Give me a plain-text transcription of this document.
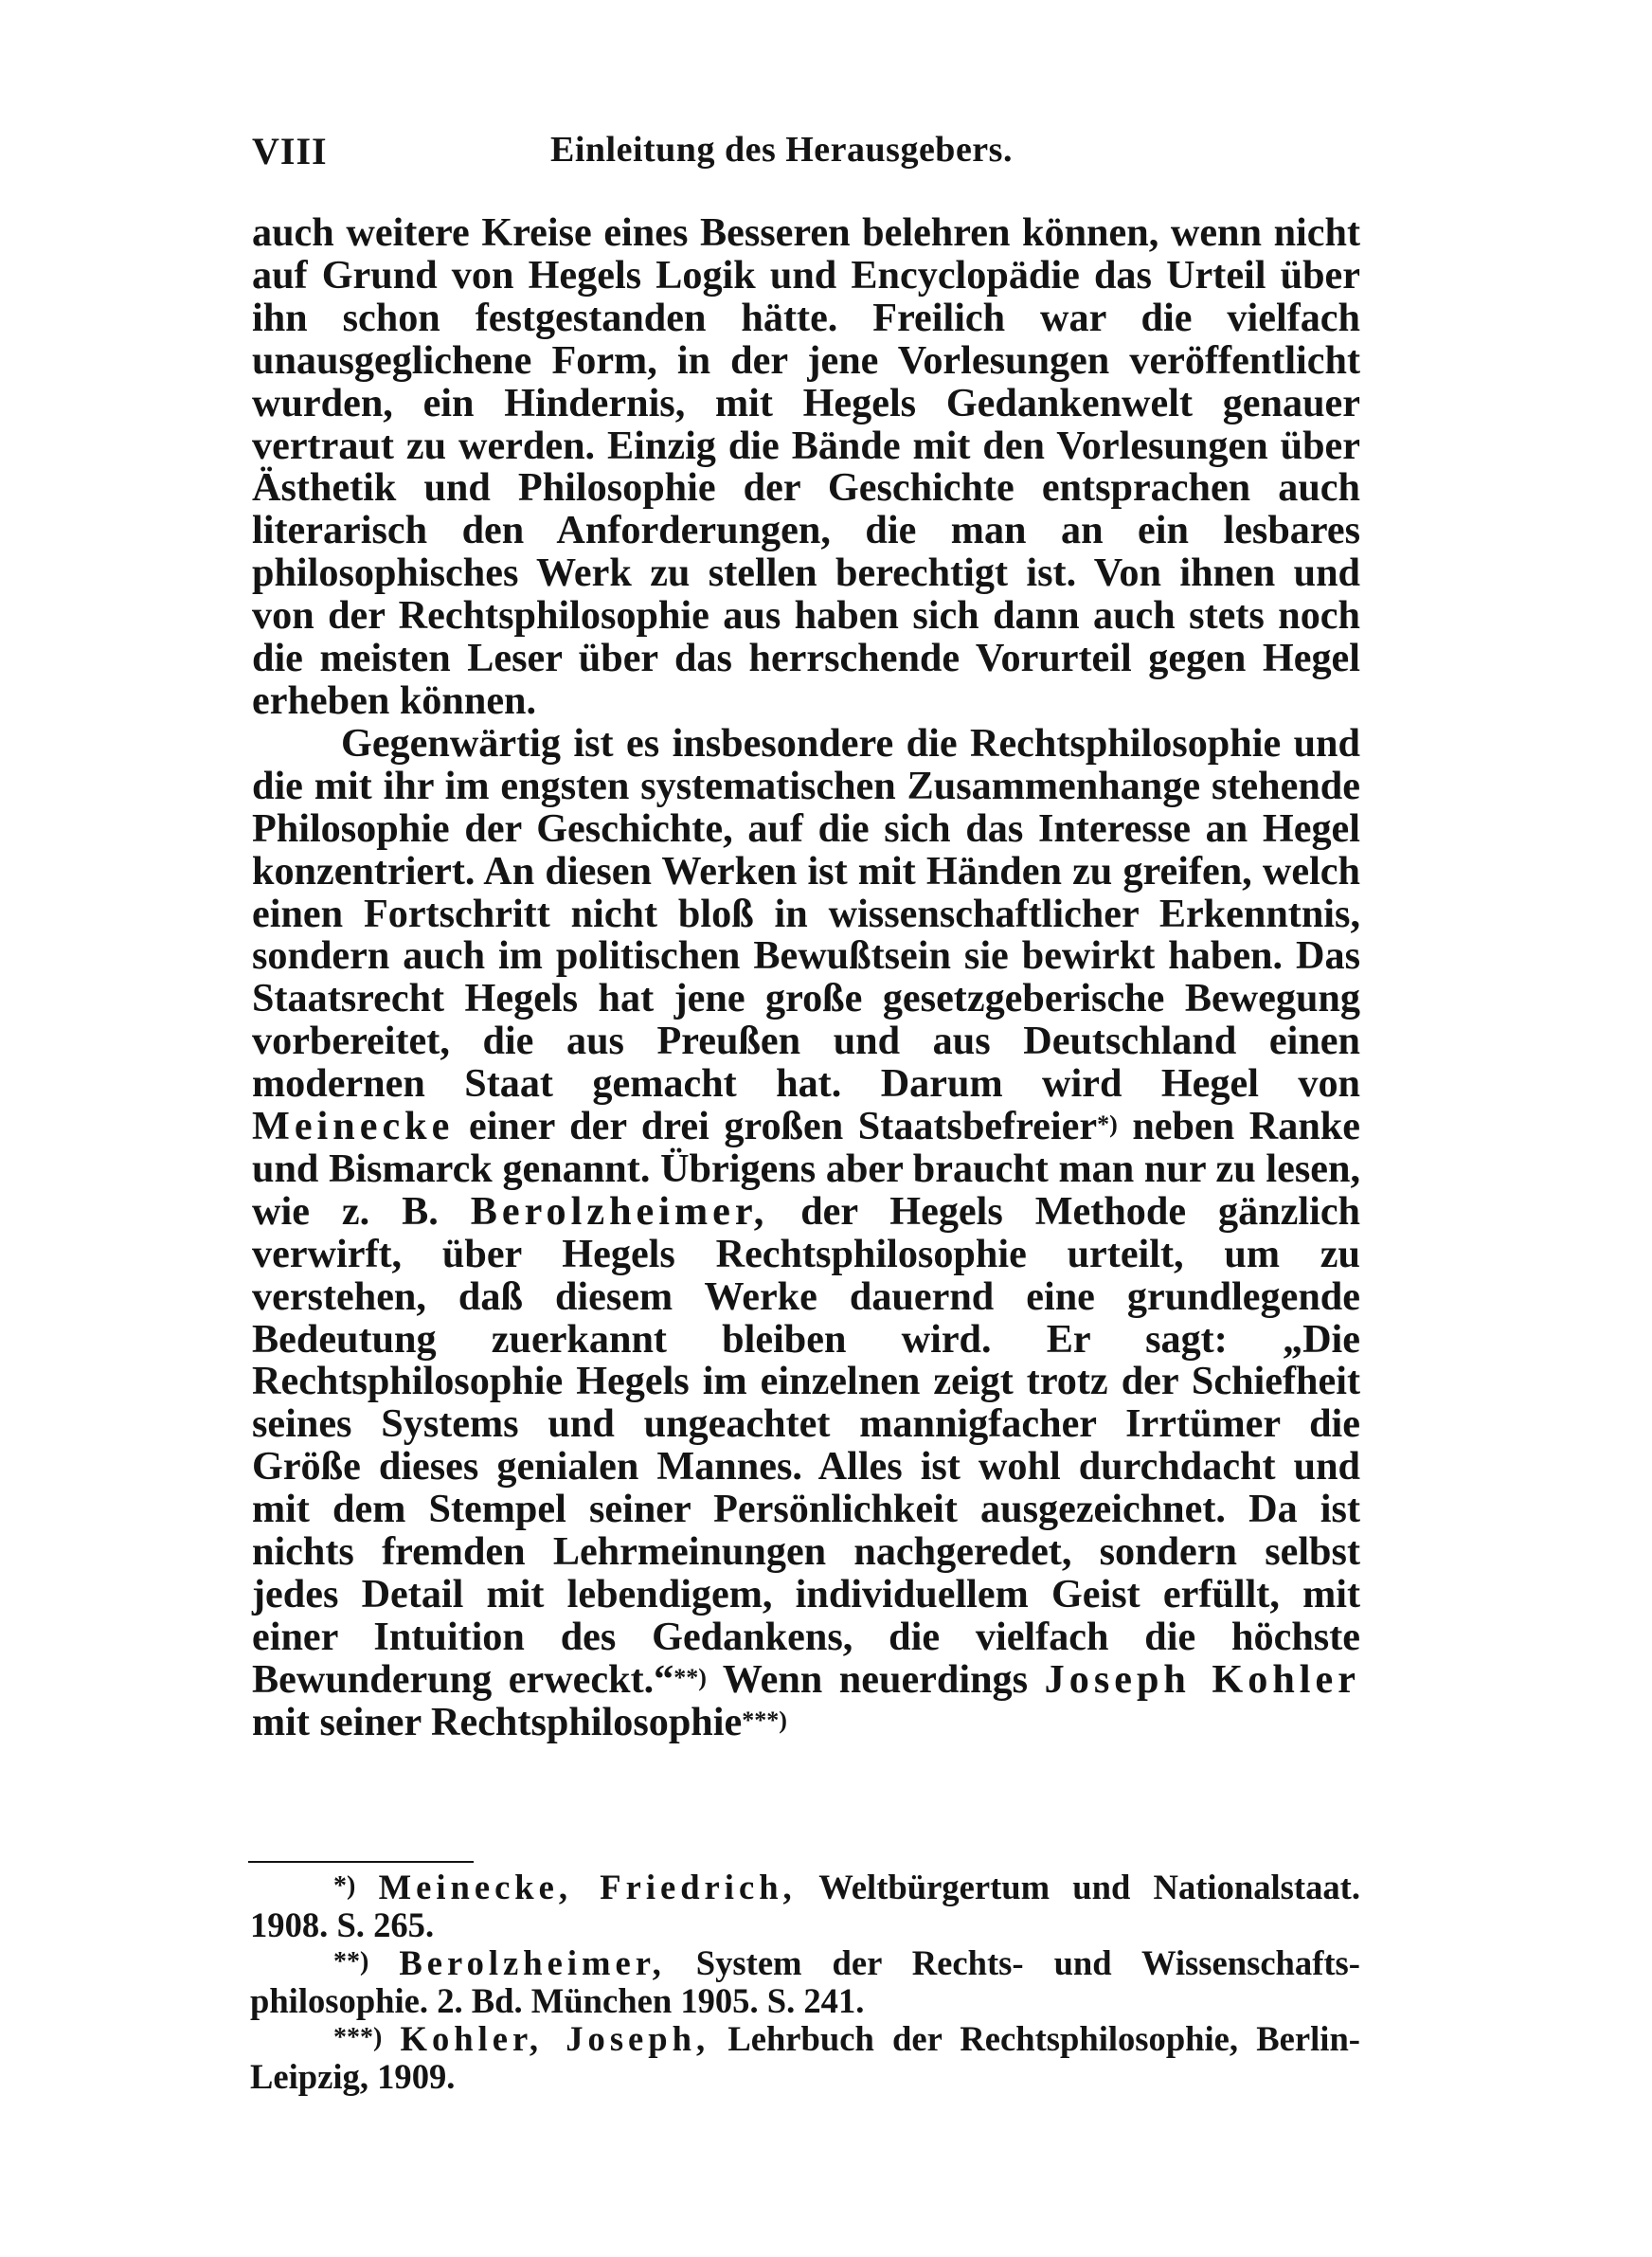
VIII	Einleitung des Herausgebers.

auch weitere Kreise eines Besseren belehren können, wenn nicht auf Grund von Hegels Logik und Encyclopädie das Urteil über ihn schon festgestanden hätte. Freilich war die vielfach unausgeglichene Form, in der jene Vorlesungen veröffentlicht wurden, ein Hindernis, mit Hegels Gedankenwelt genauer vertraut zu werden. Einzig die Bände mit den Vorlesungen über Ästhetik und Philosophie der Geschichte entsprachen auch literarisch den Anforderungen, die man an ein lesbares philosophisches Werk zu stellen berechtigt ist. Von ihnen und von der Rechtsphilosophie aus haben sich dann auch stets noch die meisten Leser über das herrschende Vorurteil gegen Hegel erheben können.

Gegenwärtig ist es insbesondere die Rechtsphilosophie und die mit ihr im engsten systematischen Zusammenhange stehende Philosophie der Geschichte, auf die sich das Interesse an Hegel konzentriert. An diesen Werken ist mit Händen zu greifen, welch einen Fortschritt nicht bloß in wissenschaftlicher Erkenntnis, sondern auch im politischen Bewußtsein sie bewirkt haben. Das Staatsrecht Hegels hat jene große gesetzgeberische Bewegung vorbereitet, die aus Preußen und aus Deutschland einen modernen Staat gemacht hat. Darum wird Hegel von Meinecke einer der drei großen Staatsbefreier*) neben Ranke und Bismarck genannt. Übrigens aber braucht man nur zu lesen, wie z. B. Berolzheimer, der Hegels Methode gänzlich verwirft, über Hegels Rechtsphilosophie urteilt, um zu verstehen, daß diesem Werke dauernd eine grundlegende Bedeutung zuerkannt bleiben wird. Er sagt: „Die Rechtsphilosophie Hegels im einzelnen zeigt trotz der Schiefheit seines Systems und ungeachtet mannigfacher Irrtümer die Größe dieses genialen Mannes. Alles ist wohl durchdacht und mit dem Stempel seiner Persönlichkeit ausgezeichnet. Da ist nichts fremden Lehrmeinungen nachgeredet, sondern selbst jedes Detail mit lebendigem, individuellem Geist erfüllt, mit einer Intuition des Gedankens, die vielfach die höchste Bewunderung erweckt.“**) Wenn neuerdings Joseph Kohler mit seiner Rechtsphilosophie***)

*) Meinecke, Friedrich, Weltbürgertum und Nationalstaat. 1908. S. 265.

**) Berolzheimer, System der Rechts- und Wissenschaftsphilosophie. 2. Bd. München 1905. S. 241.

***) Kohler, Joseph, Lehrbuch der Rechtsphilosophie, Berlin-Leipzig, 1909.
